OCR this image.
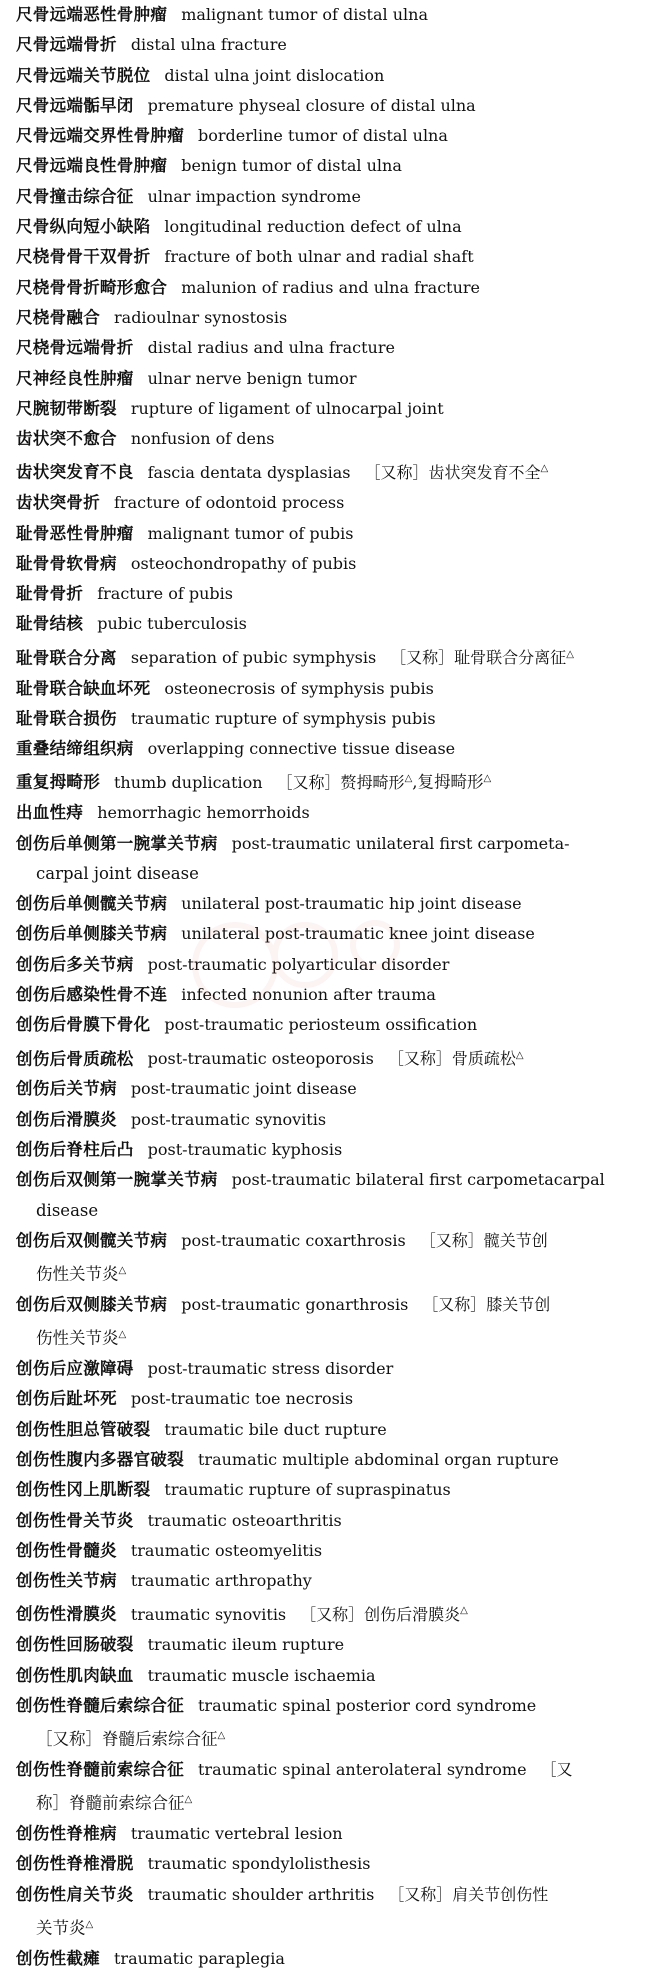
尺骨远端恶性骨肿瘤 malignant tumor of distal ulna
尺骨远端骨折 distal ulna fracture
尺骨远端关节脱位 distal ulna joint dislocation
尺骨远端骺早闭 premature physeal closure of distal ulna
尺骨远端交界性骨肿瘤 borderline tumor of distal ulna
尺骨远端良性骨肿瘤 benign tumor of distal ulna
尺骨撞击综合征 ulnar impaction syndrome
尺骨纵向短小缺陷 longitudinal reduction defect of ulna
尺桡骨骨干双骨折 fracture of both ulnar and radial shaft
尺桡骨骨折畸形愈合 malunion of radius and ulna fracture
尺桡骨融合 radioulnar synostosis
尺桡骨远端骨折 distal radius and ulna fracture
尺神经良性肿瘤 ulnar nerve benign tumor
尺腕韧带断裂 rupture of ligament of ulnocarpal joint
齿状突不愈合 nonfusion of dens
齿状突发育不良 fascia dentata dysplasias ［又称］齿状突发育不全△
齿状突骨折 fracture of odontoid process
耻骨恶性骨肿瘤 malignant tumor of pubis
耻骨骨软骨病 osteochondropathy of pubis
耻骨骨折 fracture of pubis
耻骨结核 pubic tuberculosis
耻骨联合分离 separation of pubic symphysis ［又称］耻骨联合分离征△
耻骨联合缺血坏死 osteonecrosis of symphysis pubis
耻骨联合损伤 traumatic rupture of symphysis pubis
重叠结缔组织病 overlapping connective tissue disease
重复拇畸形 thumb duplication ［又称］赘拇畸形△,复拇畸形△
出血性痔 hemorrhagic hemorrhoids
创伤后单侧第一腕掌关节病 post-traumatic unilateral first carpometa-
carpal joint disease
创伤后单侧髋关节病 unilateral post-traumatic hip joint disease
创伤后单侧膝关节病 unilateral post-traumatic knee joint disease
创伤后多关节病 post-traumatic polyarticular disorder
创伤后感染性骨不连 infected nonunion after trauma
创伤后骨膜下骨化 post-traumatic periosteum ossification
创伤后骨质疏松 post-traumatic osteoporosis ［又称］骨质疏松△
创伤后关节病 post-traumatic joint disease
创伤后滑膜炎 post-traumatic synovitis
创伤后脊柱后凸 post-traumatic kyphosis
创伤后双侧第一腕掌关节病 post-traumatic bilateral first carpometacarpal
disease
创伤后双侧髋关节病 post-traumatic coxarthrosis ［又称］髋关节创
伤性关节炎△
创伤后双侧膝关节病 post-traumatic gonarthrosis ［又称］膝关节创
伤性关节炎△
创伤后应激障碍 post-traumatic stress disorder
创伤后趾坏死 post-traumatic toe necrosis
创伤性胆总管破裂 traumatic bile duct rupture
创伤性腹内多器官破裂 traumatic multiple abdominal organ rupture
创伤性冈上肌断裂 traumatic rupture of supraspinatus
创伤性骨关节炎 traumatic osteoarthritis
创伤性骨髓炎 traumatic osteomyelitis
创伤性关节病 traumatic arthropathy
创伤性滑膜炎 traumatic synovitis ［又称］创伤后滑膜炎△
创伤性回肠破裂 traumatic ileum rupture
创伤性肌肉缺血 traumatic muscle ischaemia
创伤性脊髓后索综合征 traumatic spinal posterior cord syndrome
［又称］脊髓后索综合征△
创伤性脊髓前索综合征 traumatic spinal anterolateral syndrome ［又
称］脊髓前索综合征△
创伤性脊椎病 traumatic vertebral lesion
创伤性脊椎滑脱 traumatic spondylolisthesis
创伤性肩关节炎 traumatic shoulder arthritis ［又称］肩关节创伤性
关节炎△
创伤性截瘫 traumatic paraplegia
